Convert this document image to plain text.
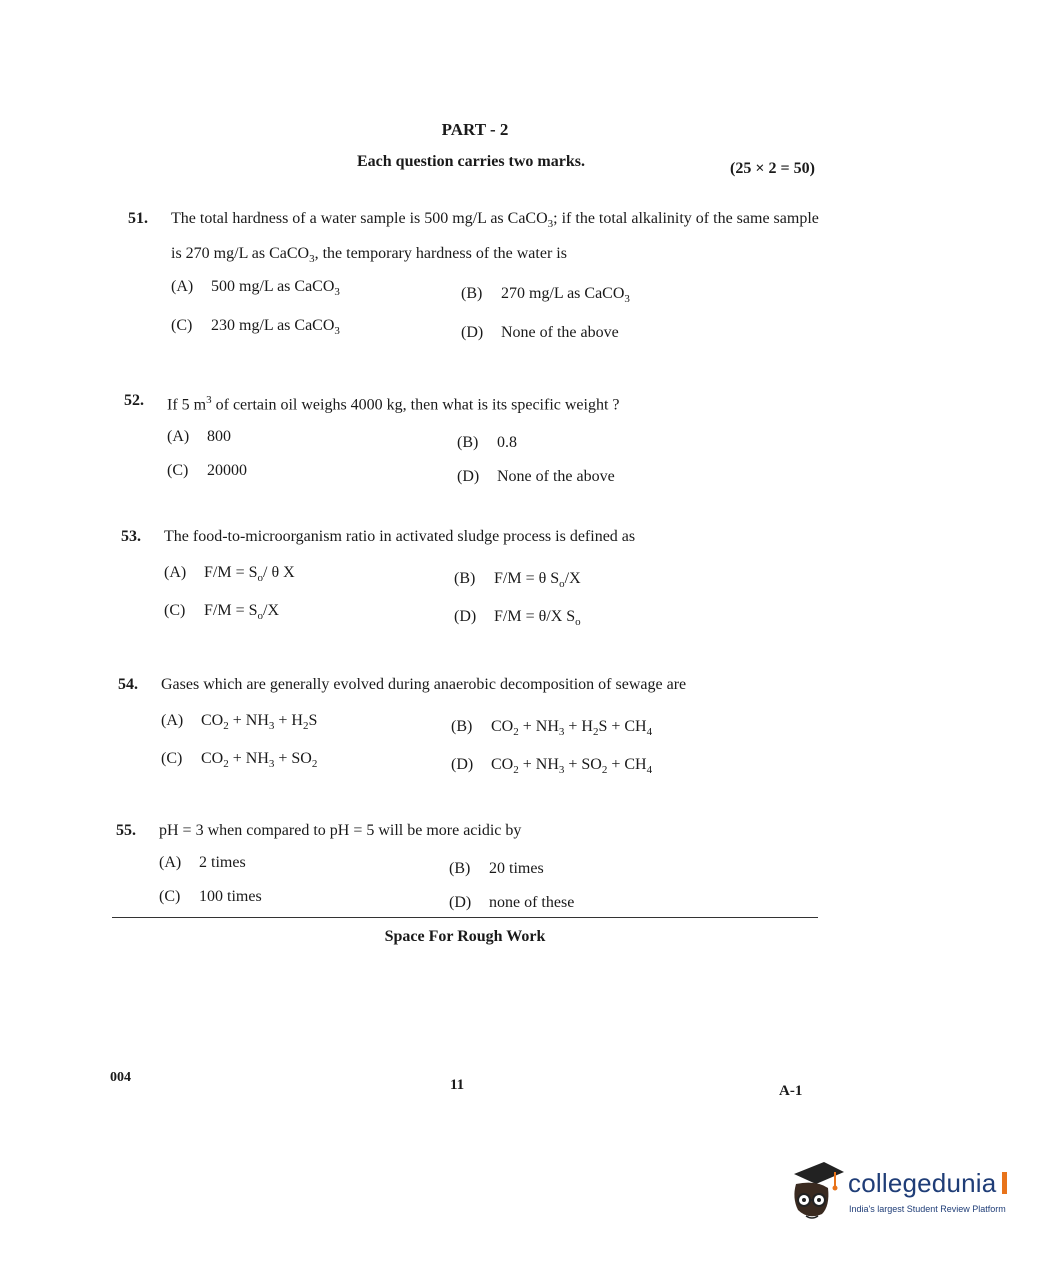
PART - 2
Each question carries two marks.	(25 × 2 = 50)
51. The total hardness of a water sample is 500 mg/L as CaCO$_3$; if the total alkalinity of the same sample is 270 mg/L as CaCO$_3$, the temporary hardness of the water is
(A) 500 mg/L as CaCO$_3$	(B) 270 mg/L as CaCO$_3$
(C) 230 mg/L as CaCO$_3$	(D) None of the above
52. If 5 $m^3$ of certain oil weighs 4000 kg, then what is its specific weight ?
(A) 800	(B) 0.8
(C) 20000	(D) None of the above
53. The food-to-microorganism ratio in activated sludge process is defined as
(A) $F/M = S_o/$ θ X	(B) F/M = θ $S_o/X$
(C) $F/M = S_o/X$	(D) F/M = θ/X $S_o$
54. Gases which are generally evolved during anaerobic decomposition of sewage are
(A) $CO_2 + NH_3 + H_2S$	(B) $CO_2 + NH_3 + H_2S + CH_4$
(C) $CO_2 + NH_3 + SO_2$	(D) $CO_2 + NH_3 + SO_2 + CH_4$
55. pH = 3 when compared to pH = 5 will be more acidic by
(A) 2 times	(B) 20 times
(C) 100 times	(D) none of these
Space For Rough Work
004	11	A-1
collegedunia
India's largest Student Review Platform
